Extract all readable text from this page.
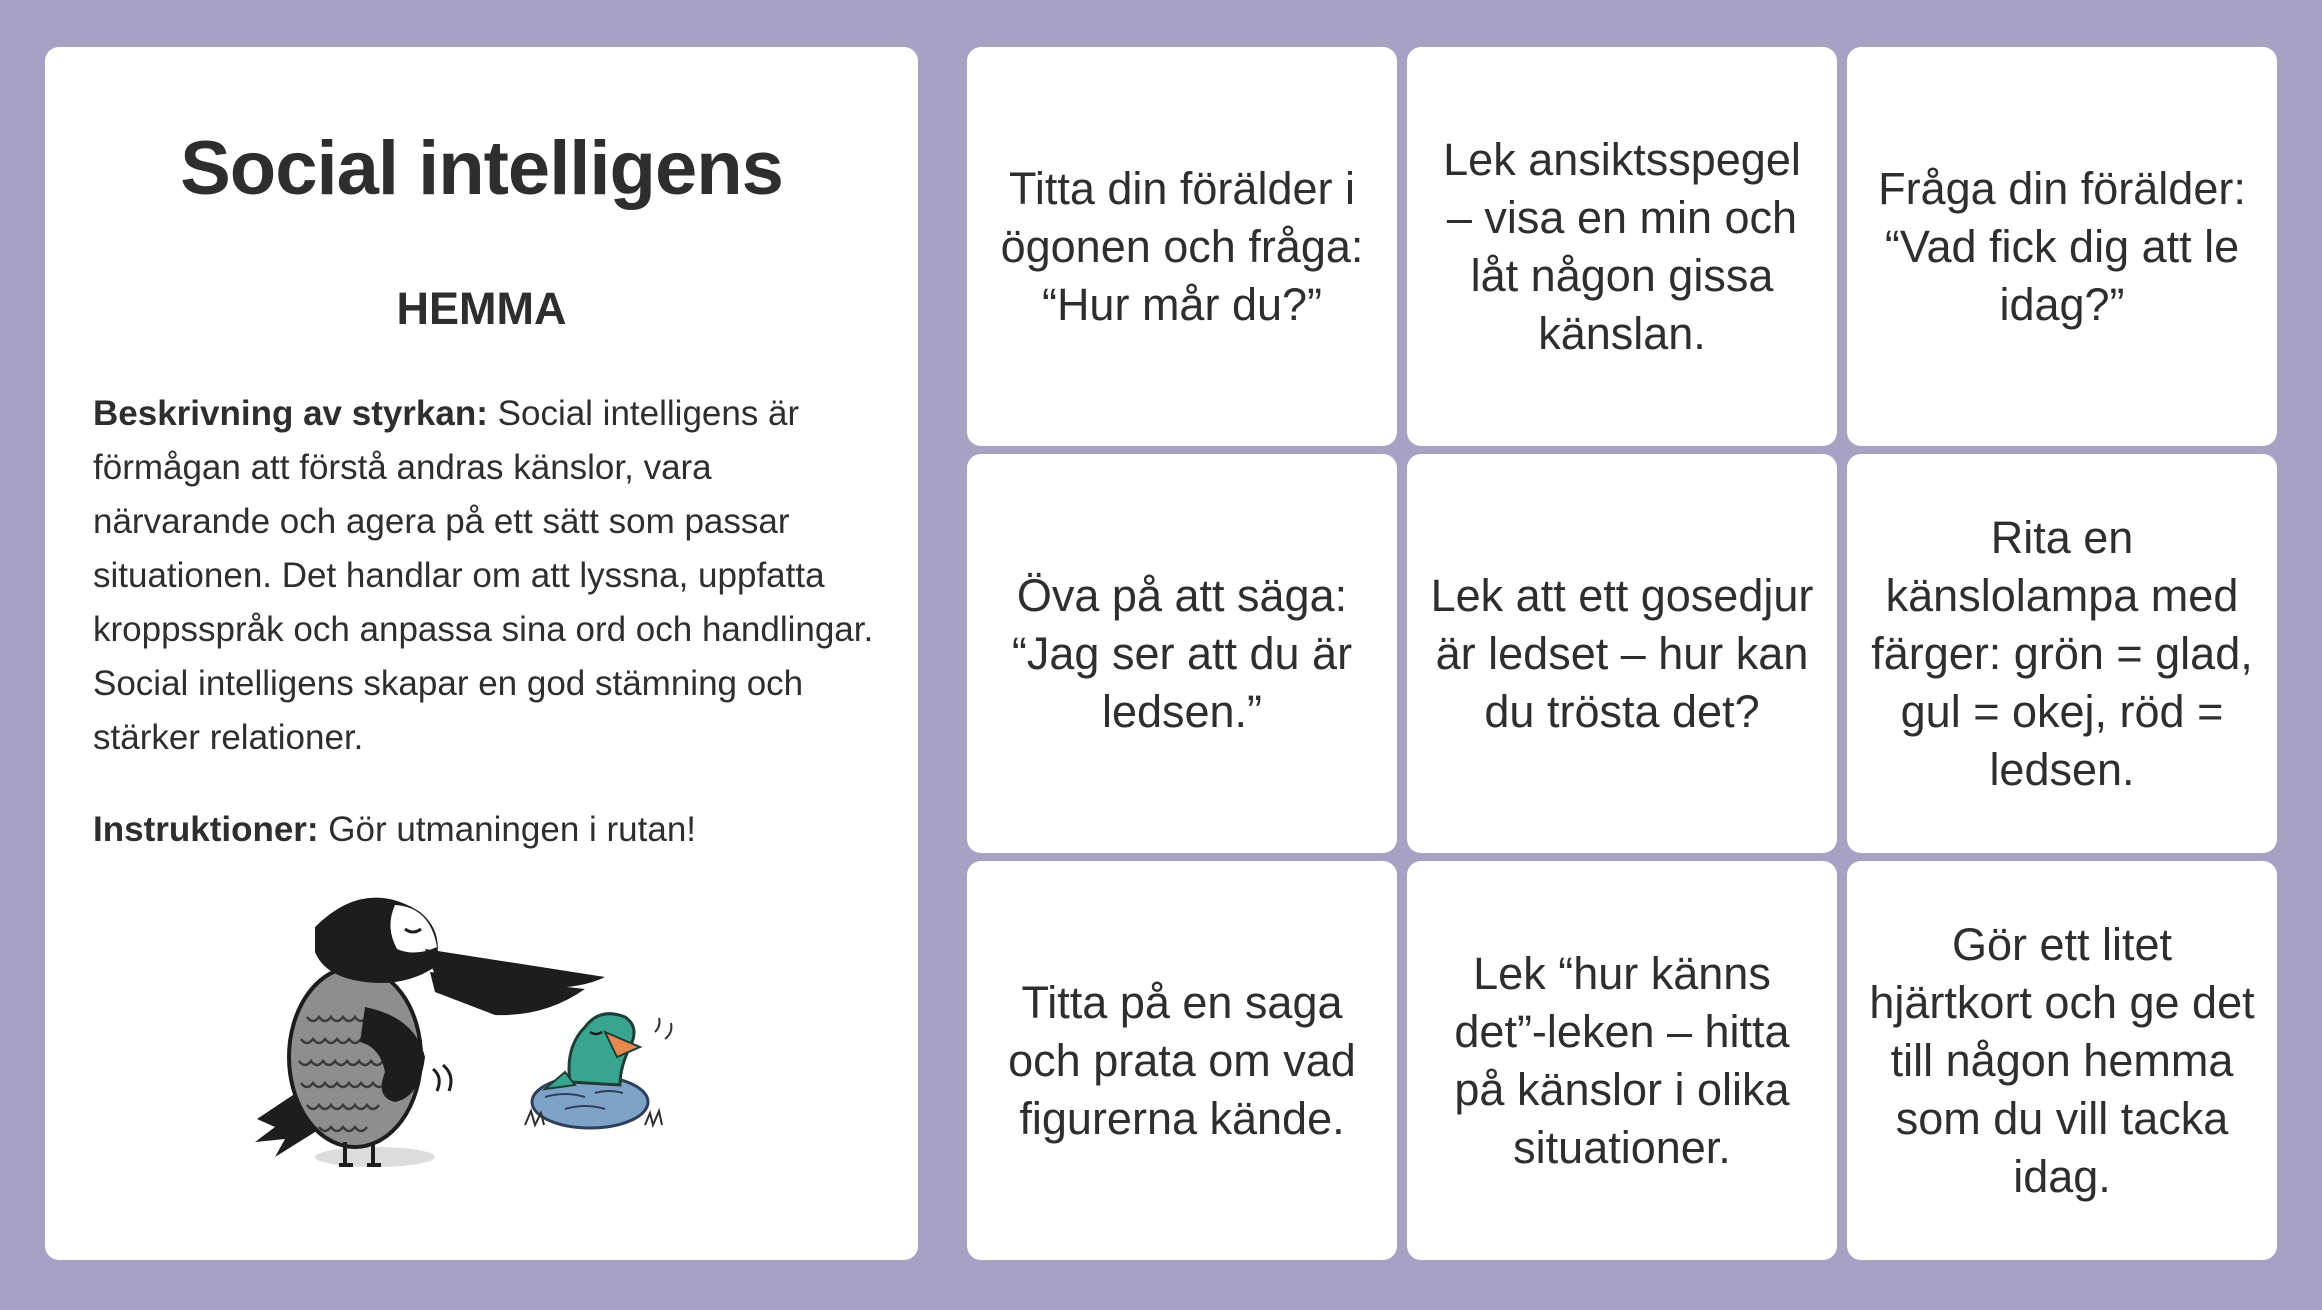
Social intelligens
HEMMA

Beskrivning av styrkan: Social intelligens är förmågan att förstå andras känslor, vara närvarande och agera på ett sätt som passar situationen. Det handlar om att lyssna, uppfatta kroppsspråk och anpassa sina ord och handlingar. Social intelligens skapar en god stämning och stärker relationer.

Instruktioner: Gör utmaningen i rutan!

Titta din förälder i ögonen och fråga: “Hur mår du?”
Lek ansiktsspegel – visa en min och låt någon gissa känslan.
Fråga din förälder: “Vad fick dig att le idag?”
Öva på att säga: “Jag ser att du är ledsen.”
Lek att ett gosedjur är ledset – hur kan du trösta det?
Rita en känslolampa med färger: grön = glad, gul = okej, röd = ledsen.
Titta på en saga och prata om vad figurerna kände.
Lek “hur känns det”-leken – hitta på känslor i olika situationer.
Gör ett litet hjärtkort och ge det till någon hemma som du vill tacka idag.
